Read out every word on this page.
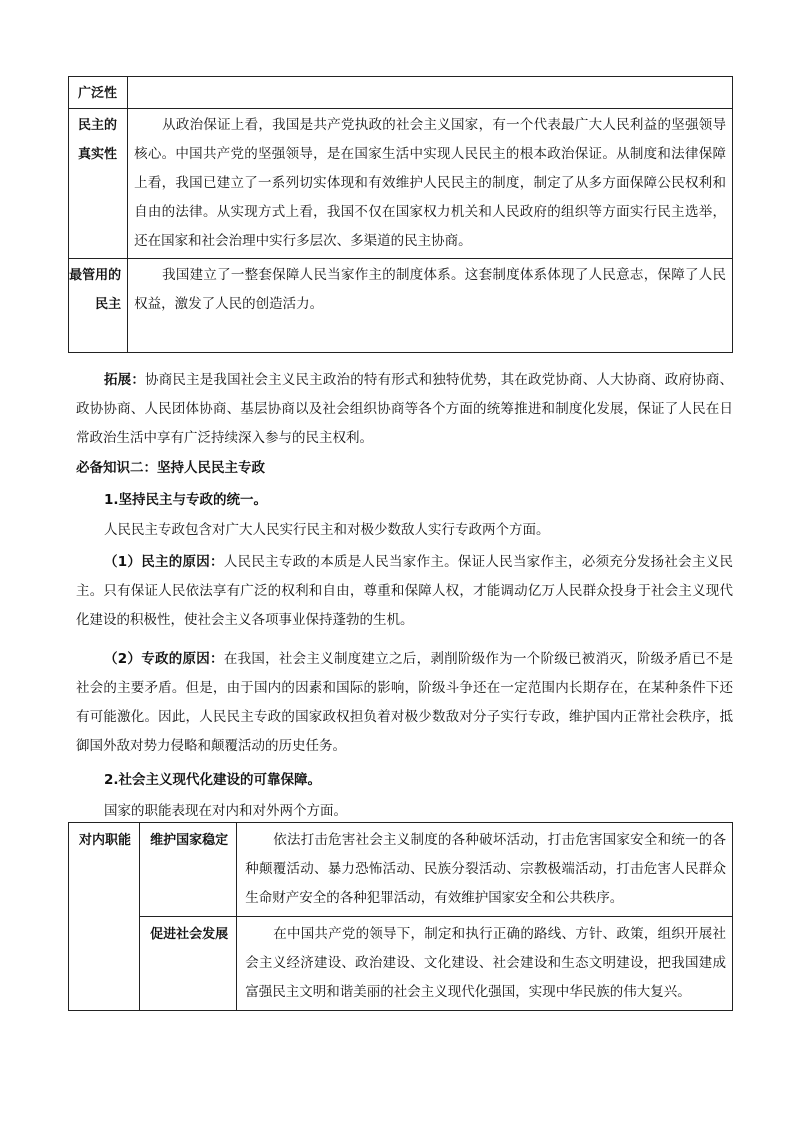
广泛性	
民主的真实性	从政治保证上看，我国是共产党执政的社会主义国家，有一个代表最广大人民利益的坚强领导核心。中国共产党的坚强领导，是在国家生活中实现人民民主的根本政治保证。从制度和法律保障上看，我国已建立了一系列切实体现和有效维护人民民主的制度，制定了从多方面保障公民权利和自由的法律。从实现方式上看，我国不仅在国家权力机关和人民政府的组织等方面实行民主选举，还在国家和社会治理中实行多层次、多渠道的民主协商。
最管用的民主	我国建立了一整套保障人民当家作主的制度体系。这套制度体系体现了人民意志，保障了人民权益，激发了人民的创造活力。
拓展：协商民主是我国社会主义民主政治的特有形式和独特优势，其在政党协商、人大协商、政府协商、政协协商、人民团体协商、基层协商以及社会组织协商等各个方面的统筹推进和制度化发展，保证了人民在日常政治生活中享有广泛持续深入参与的民主权利。
必备知识二：坚持人民民主专政
1.坚持民主与专政的统一。
人民民主专政包含对广大人民实行民主和对极少数敌人实行专政两个方面。
（1）民主的原因：人民民主专政的本质是人民当家作主。保证人民当家作主，必须充分发扬社会主义民主。只有保证人民依法享有广泛的权利和自由，尊重和保障人权，才能调动亿万人民群众投身于社会主义现代化建设的积极性，使社会主义各项事业保持蓬勃的生机。
（2）专政的原因：在我国，社会主义制度建立之后，剥削阶级作为一个阶级已被消灭，阶级矛盾已不是社会的主要矛盾。但是，由于国内的因素和国际的影响，阶级斗争还在一定范围内长期存在，在某种条件下还有可能激化。因此，人民民主专政的国家政权担负着对极少数敌对分子实行专政，维护国内正常社会秩序，抵御国外敌对势力侵略和颠覆活动的历史任务。
2.社会主义现代化建设的可靠保障。
国家的职能表现在对内和对外两个方面。
对内职能	维护国家稳定	依法打击危害社会主义制度的各种破坏活动，打击危害国家安全和统一的各种颠覆活动、暴力恐怖活动、民族分裂活动、宗教极端活动，打击危害人民群众生命财产安全的各种犯罪活动，有效维护国家安全和公共秩序。
	促进社会发展	在中国共产党的领导下，制定和执行正确的路线、方针、政策，组织开展社会主义经济建设、政治建设、文化建设、社会建设和生态文明建设，把我国建成富强民主文明和谐美丽的社会主义现代化强国，实现中华民族的伟大复兴。
